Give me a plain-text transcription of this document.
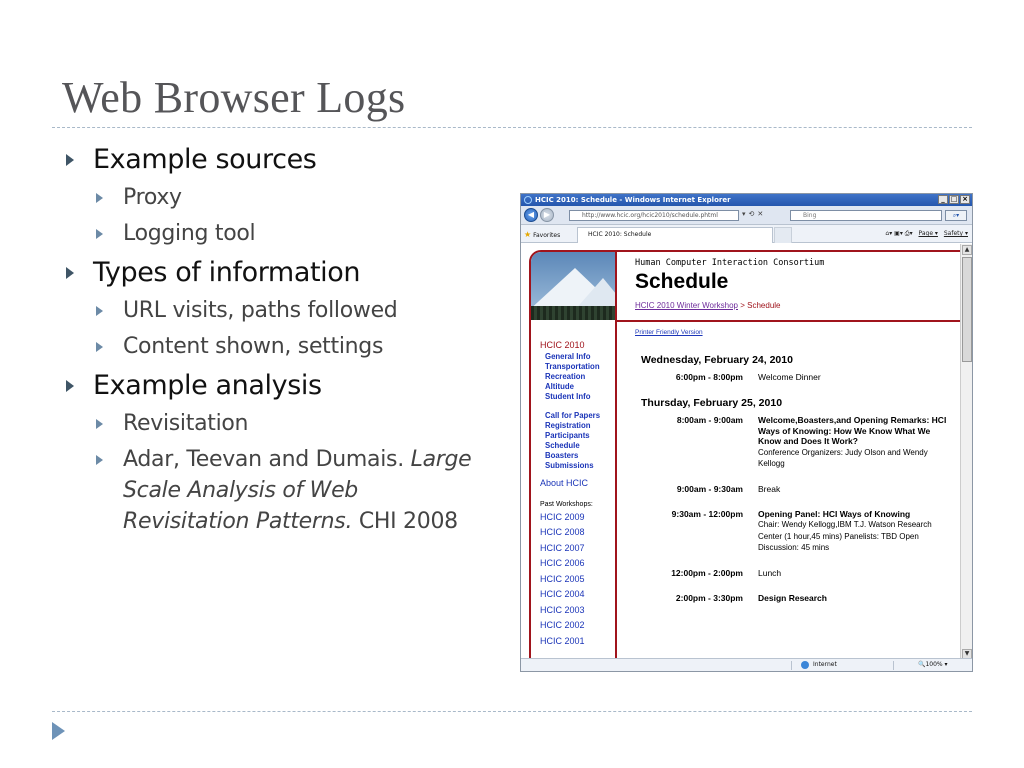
Web Browser Logs
Example sources
Proxy
Logging tool
Types of information
URL visits, paths followed
Content shown, settings
Example analysis
Revisitation
Adar, Teevan and Dumais. Large Scale Analysis of Web Revisitation Patterns. CHI 2008
HCIC 2010: Schedule - Windows Internet Explorer	_ □ ×
◀	▶	http://www.hcic.org/hcic2010/schedule.phtml	▾⟲✕	Bing	⌕▾
★ Favorites	HCIC 2010: Schedule	⌂▾ ▣▾ ⎙▾ Page ▾ Safety ▾
Human Computer Interaction Consortium
Schedule
HCIC 2010 Winter Workshop > Schedule
HCIC 2010
General Info
Transportation
Recreation
Altitude
Student Info
Call for Papers
Registration
Participants
Schedule
Boasters
Submissions
About HCIC
Past Workshops:
HCIC 2009
HCIC 2008
HCIC 2007
HCIC 2006
HCIC 2005
HCIC 2004
HCIC 2003
HCIC 2002
HCIC 2001
Printer Friendly Version
Wednesday, February 24, 2010
6:00pm - 8:00pm Welcome Dinner
Thursday, February 25, 2010
8:00am - 9:00am Welcome,Boasters,and Opening Remarks: HCI Ways of Knowing: How We Know What We Know and Does It Work?
Conference Organizers: Judy Olson and Wendy Kellogg
9:00am - 9:30am Break
9:30am - 12:00pm Opening Panel: HCI Ways of Knowing
Chair: Wendy Kellogg,IBM T.J. Watson Research Center (1 hour,45 mins) Panelists: TBD Open Discussion: 45 mins
12:00pm - 2:00pm Lunch
2:00pm - 3:30pm Design Research
▲
▼
Internet	🔍100% ▾
